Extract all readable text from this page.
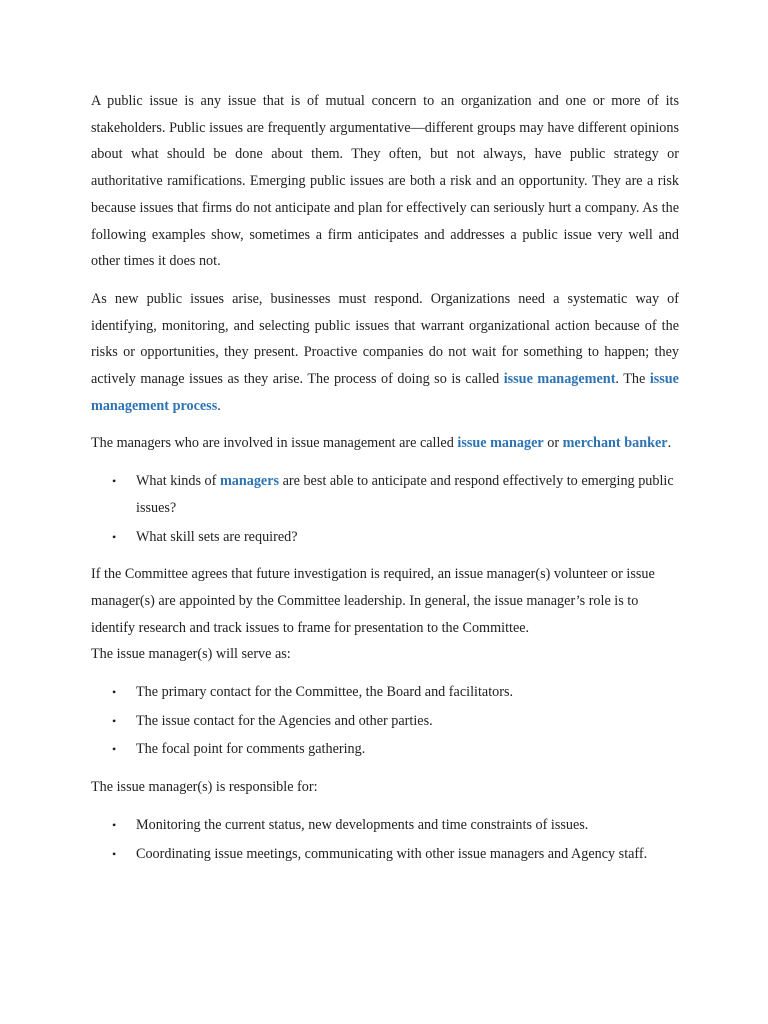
A public issue is any issue that is of mutual concern to an organization and one or more of its stakeholders. Public issues are frequently argumentative—different groups may have different opinions about what should be done about them. They often, but not always, have public strategy or authoritative ramifications. Emerging public issues are both a risk and an opportunity. They are a risk because issues that firms do not anticipate and plan for effectively can seriously hurt a company. As the following examples show, sometimes a firm anticipates and addresses a public issue very well and other times it does not.

As new public issues arise, businesses must respond. Organizations need a systematic way of identifying, monitoring, and selecting public issues that warrant organizational action because of the risks or opportunities, they present. Proactive companies do not wait for something to happen; they actively manage issues as they arise. The process of doing so is called issue management. The issue management process.

The managers who are involved in issue management are called issue manager or merchant banker.

• What kinds of managers are best able to anticipate and respond effectively to emerging public issues?
• What skill sets are required?

If the Committee agrees that future investigation is required, an issue manager(s) volunteer or issue manager(s) are appointed by the Committee leadership. In general, the issue manager’s role is to identify research and track issues to frame for presentation to the Committee.

The issue manager(s) will serve as:

• The primary contact for the Committee, the Board and facilitators.
• The issue contact for the Agencies and other parties.
• The focal point for comments gathering.

The issue manager(s) is responsible for:

• Monitoring the current status, new developments and time constraints of issues.
• Coordinating issue meetings, communicating with other issue managers and Agency staff.
